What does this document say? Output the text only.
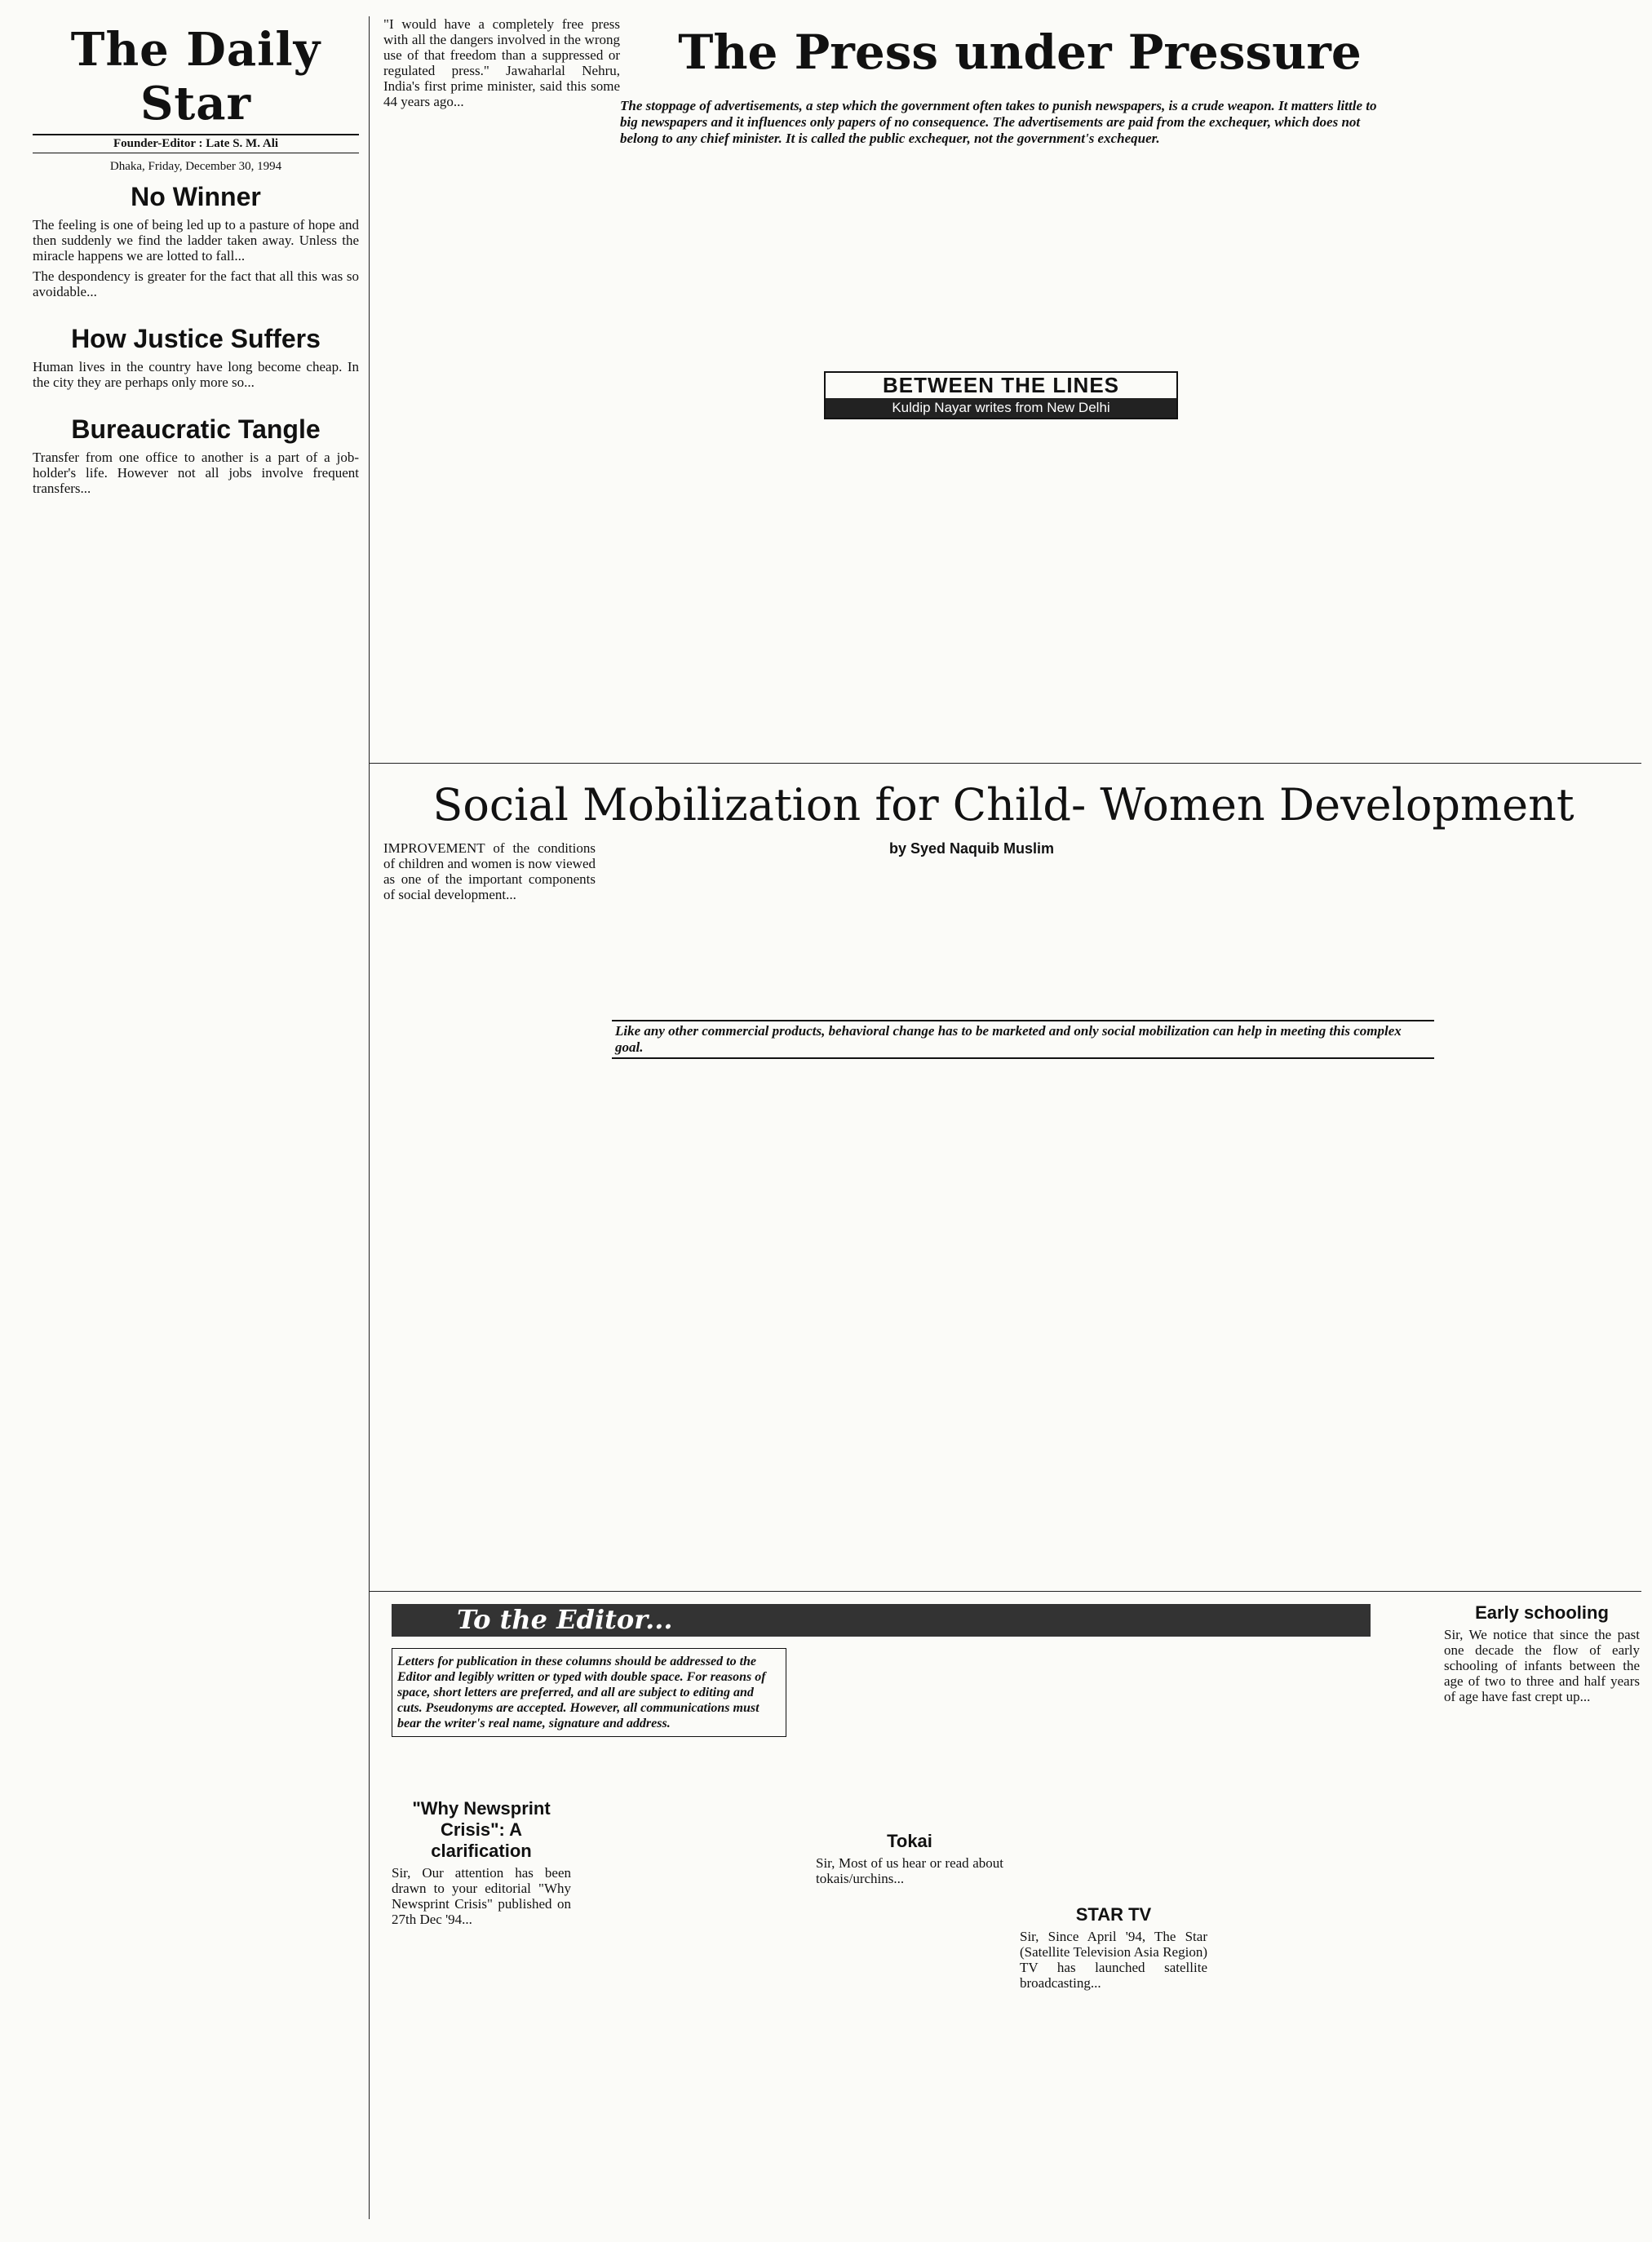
The Daily Star
Founder-Editor : Late S. M. Ali
Dhaka, Friday, December 30, 1994
No Winner

The feeling is one of being led up to a pasture of hope and then suddenly we find the ladder taken away. Unless the miracle happens we are lotted to fall...

The despondency is greater for the fact that all this was so avoidable...

How Justice Suffers

Human lives in the country have long become cheap. In the city they are perhaps only more so...

Bureaucratic Tangle

Transfer from one office to another is a part of a job-holder's life. However not all jobs involve frequent transfers...

The Press under Pressure
The stoppage of advertisements, a step which the government often takes to punish newspapers, is a crude weapon. It matters little to big newspapers and it influences only papers of no consequence. The advertisements are paid from the exchequer, which does not belong to any chief minister. It is called the public exchequer, not the government's exchequer.
BETWEEN THE LINES
Kuldip Nayar writes from New Delhi

"I would have a completely free press with all the dangers involved in the wrong use of that freedom than a suppressed or regulated press." Jawaharlal Nehru, India's first prime minister, said this some 44 years ago...

Social Mobilization for Child- Women Development
by Syed Naquib Muslim
Like any other commercial products, behavioral change has to be marketed and only social mobilization can help in meeting this complex goal.

IMPROVEMENT of the conditions of children and women is now viewed as one of the important components of social development...

To the Editor...
Letters for publication in these columns should be addressed to the Editor and legibly written or typed with double space. For reasons of space, short letters are preferred, and all are subject to editing and cuts. Pseudonyms are accepted. However, all communications must bear the writer's real name, signature and address.
"Why Newsprint Crisis": A clarification

Sir, Our attention has been drawn to your editorial "Why Newsprint Crisis" published on 27th Dec '94...

Tokai

Sir, Most of us hear or read about tokais/urchins...

STAR TV

Sir, Since April '94, The Star (Satellite Television Asia Region) TV has launched satellite broadcasting...

Early schooling

Sir, We notice that since the past one decade the flow of early schooling of infants between the age of two to three and half years of age have fast crept up...
